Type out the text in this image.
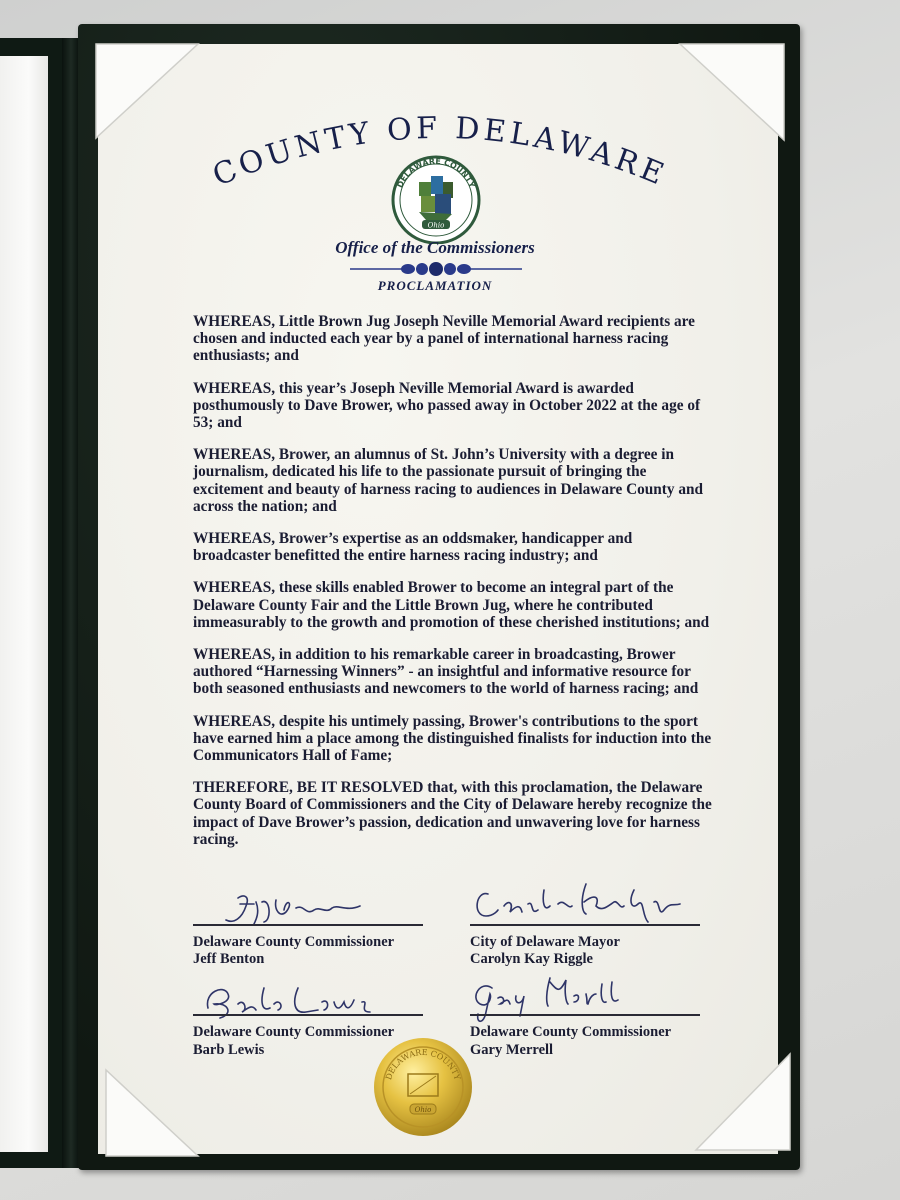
COUNTY OF DELAWARE
DELAWARE COUNTY
Ohio
Office of the Commissioners
PROCLAMATION

WHEREAS, Little Brown Jug Joseph Neville Memorial Award recipients are chosen and inducted each year by a panel of international harness racing enthusiasts; and

WHEREAS, this year’s Joseph Neville Memorial Award is awarded posthumously to Dave Brower, who passed away in October 2022 at the age of 53; and

WHEREAS, Brower, an alumnus of St. John’s University with a degree in journalism, dedicated his life to the passionate pursuit of bringing the excitement and beauty of harness racing to audiences in Delaware County and across the nation; and

WHEREAS, Brower’s expertise as an oddsmaker, handicapper and broadcaster benefitted the entire harness racing industry; and

WHEREAS, these skills enabled Brower to become an integral part of the Delaware County Fair and the Little Brown Jug, where he contributed immeasurably to the growth and promotion of these cherished institutions; and

WHEREAS, in addition to his remarkable career in broadcasting, Brower authored “Harnessing Winners” - an insightful and informative resource for both seasoned enthusiasts and newcomers to the world of harness racing; and

WHEREAS, despite his untimely passing, Brower's contributions to the sport have earned him a place among the distinguished finalists for induction into the Communicators Hall of Fame;

THEREFORE, BE IT RESOLVED that, with this proclamation, the Delaware County Board of Commissioners and the City of Delaware hereby recognize the impact of Dave Brower’s passion, dedication and unwavering love for harness racing.

Delaware County Commissioner
Jeff Benton
City of Delaware Mayor
Carolyn Kay Riggle
Delaware County Commissioner
Barb Lewis
Delaware County Commissioner
Gary Merrell
DELAWARE COUNTY
Ohio
